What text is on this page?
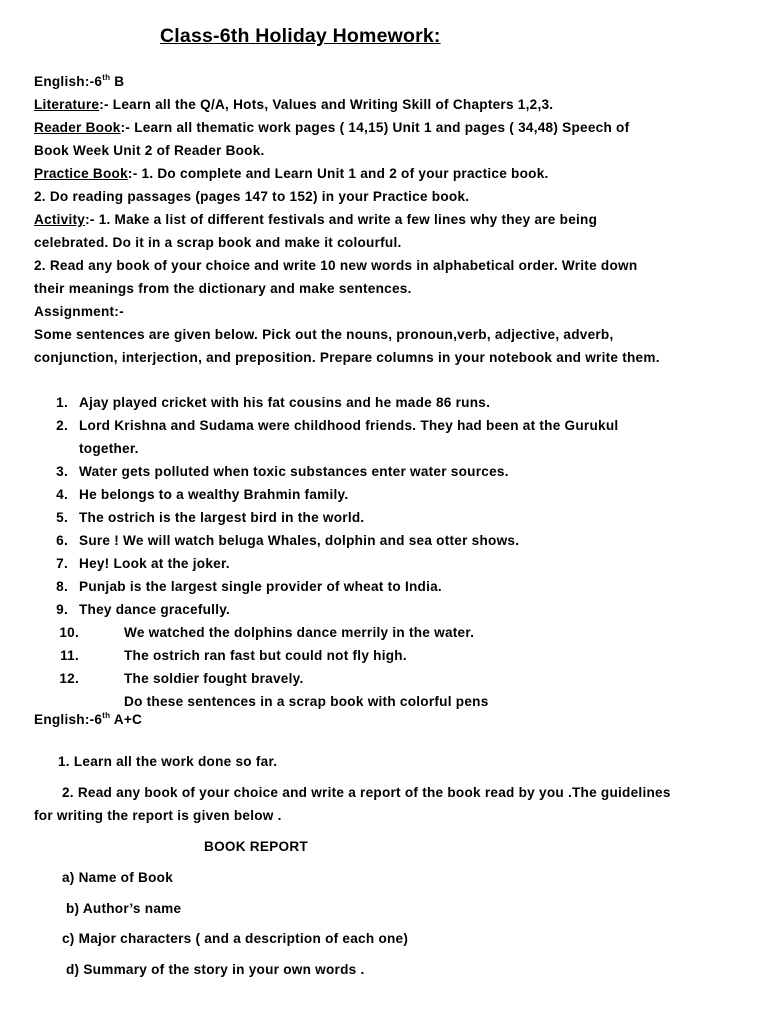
Class-6th Holiday Homework:
English:-6th B
Literature:- Learn all the Q/A, Hots, Values and Writing Skill of Chapters 1,2,3.
Reader Book:- Learn all thematic work pages ( 14,15) Unit 1 and pages ( 34,48) Speech of
Book Week Unit 2 of Reader Book.
Practice Book:- 1. Do complete and Learn Unit 1 and 2 of your practice book.
2. Do reading passages (pages 147 to 152) in your Practice book.
Activity:- 1. Make a list of different festivals and write a few lines why they are being
celebrated. Do it in a scrap book and make it colourful.
2. Read any book of your choice and write 10 new words in alphabetical order. Write down
their meanings from the dictionary and make sentences.
Assignment:-
Some sentences are given below. Pick out the nouns, pronoun,verb, adjective, adverb,
conjunction, interjection, and preposition. Prepare columns in your notebook and write them.
1. Ajay played cricket with his fat cousins and he made 86 runs.
2. Lord Krishna and Sudama were childhood friends. They had been at the Gurukul
together.
3. Water gets polluted when toxic substances enter water sources.
4. He belongs to a wealthy Brahmin family.
5. The ostrich is the largest bird in the world.
6. Sure ! We will watch beluga Whales, dolphin and sea otter shows.
7. Hey! Look at the joker.
8. Punjab is the largest single provider of wheat to India.
9. They dance gracefully.
10.	We watched the dolphins dance merrily in the water.
11.	The ostrich ran fast but could not fly high.
12.	The soldier fought bravely.
Do these sentences in a scrap book with colorful pens
English:-6th A+C
1. Learn all the work done so far.
2. Read any book of your choice and write a report of the book read by you .The guidelines
for writing the report is given below .
BOOK REPORT
a) Name of Book
b) Author’s name
c) Major characters ( and a description of each one)
d) Summary of the story in your own words .
